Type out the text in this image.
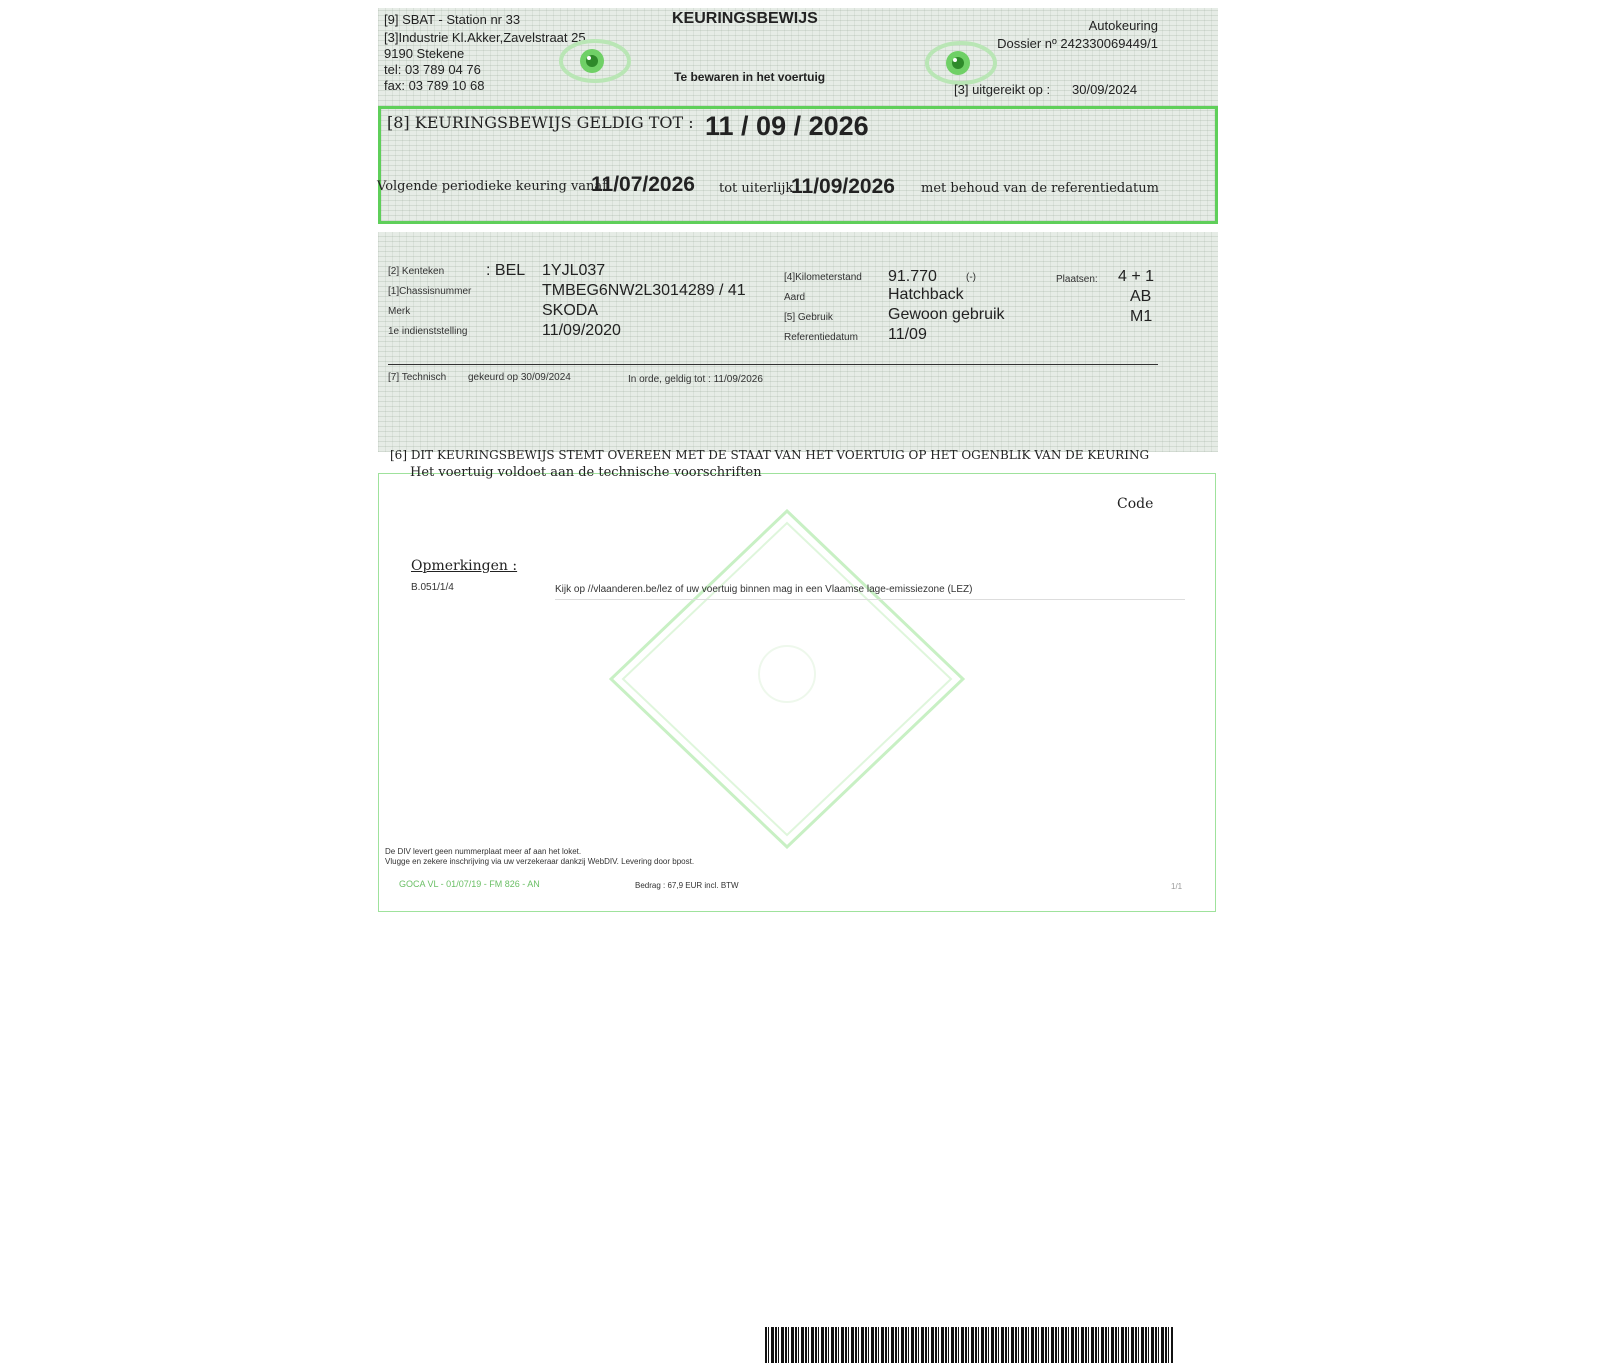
[9] SBAT - Station nr 33
[3]Industrie Kl.Akker,Zavelstraat 25
9190 Stekene
tel: 03 789 04 76
fax: 03 789 10 68
KEURINGSBEWIJS
Te bewaren in het voertuig
Autokeuring
Dossier nº 242330069449/1
[3] uitgereikt op : 30/09/2024
[8] KEURINGSBEWIJS GELDIG TOT : 11 / 09 / 2026
Volgende periodieke keuring vanaf
11/07/2026 tot uiterlijk
11/09/2026 met behoud van de referentiedatum
[2] Kenteken	: BEL 1YJL037
[1]Chassisnummer	TMBEG6NW2L3014289 / 41
Merk	SKODA
1e indienststelling	11/09/2020
[4]Kilometerstand 91.770	(-)
Aard	Hatchback
[5] Gebruik	Gewoon gebruik
Referentiedatum 11/09
Plaatsen: 4 + 1
AB
M1
[7] Technisch gekeurd op 30/09/2024	In orde, geldig tot : 11/09/2026
[6] DIT KEURINGSBEWIJS STEMT OVEREEN MET DE STAAT VAN HET VOERTUIG OP HET OGENBLIK VAN DE KEURING
Het voertuig voldoet aan de technische voorschriften
Code
Opmerkingen :
B.051/1/4	Kijk op //vlaanderen.be/lez of uw voertuig binnen mag in een Vlaamse lage-emissiezone (LEZ)
De DIV levert geen nummerplaat meer af aan het loket.
Vlugge en zekere inschrijving via uw verzekeraar dankzij WebDIV. Levering door bpost.
GOCA VL - 01/07/19 - FM 826 - AN	Bedrag : 67,9 EUR incl. BTW	1/1
